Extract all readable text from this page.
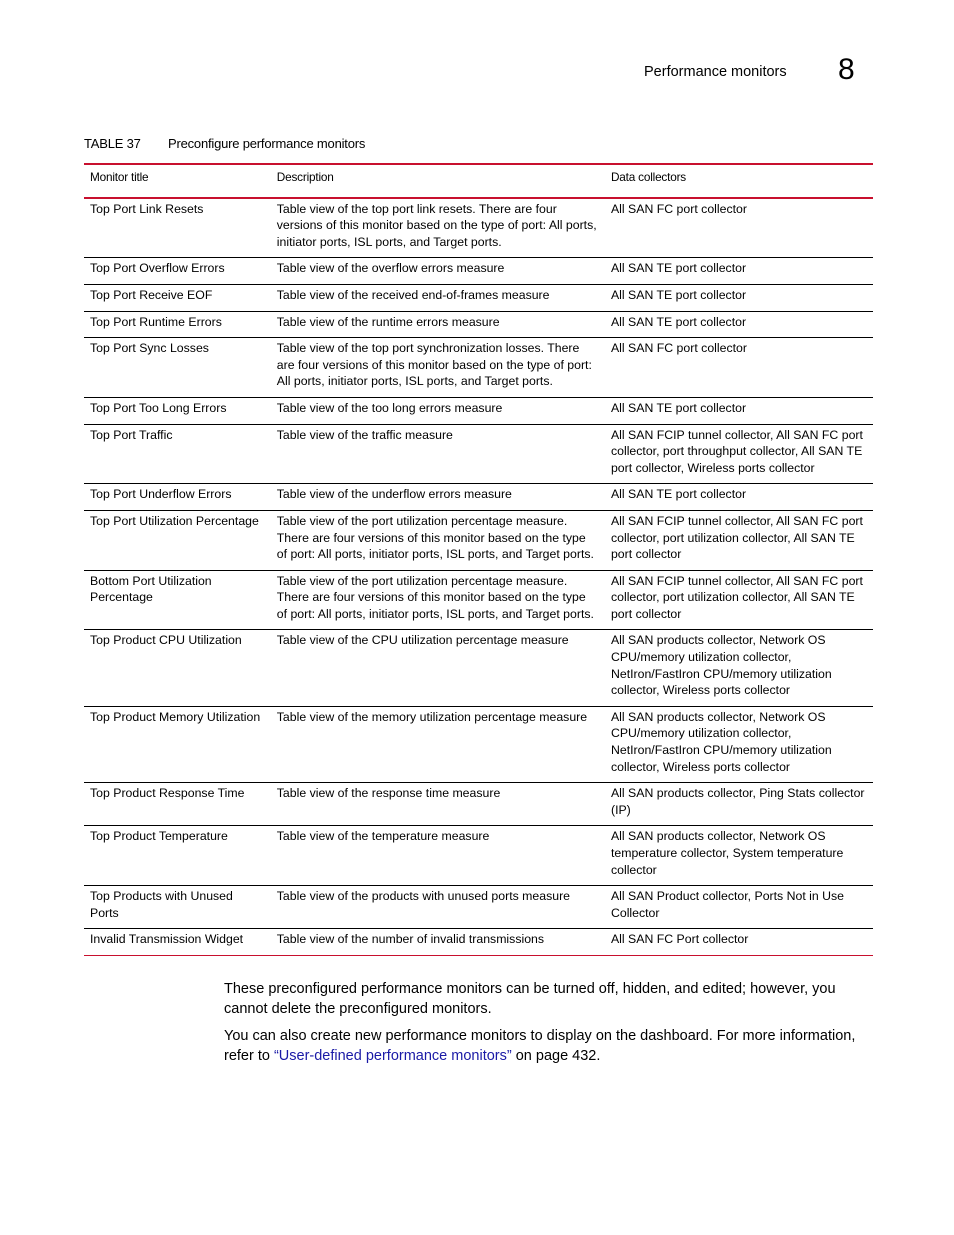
Performance monitors 8
TABLE 37 Preconfigure performance monitors
Monitor title	Description	Data collectors
Top Port Link Resets	Table view of the top port link resets. There are four versions of this monitor based on the type of port: All ports, initiator ports, ISL ports, and Target ports.	All SAN FC port collector
Top Port Overflow Errors	Table view of the overflow errors measure	All SAN TE port collector
Top Port Receive EOF	Table view of the received end-of-frames measure	All SAN TE port collector
Top Port Runtime Errors	Table view of the runtime errors measure	All SAN TE port collector
Top Port Sync Losses	Table view of the top port synchronization losses. There are four versions of this monitor based on the type of port: All ports, initiator ports, ISL ports, and Target ports.	All SAN FC port collector
Top Port Too Long Errors	Table view of the too long errors measure	All SAN TE port collector
Top Port Traffic	Table view of the traffic measure	All SAN FCIP tunnel collector, All SAN FC port collector, port throughput collector, All SAN TE port collector, Wireless ports collector
Top Port Underflow Errors	Table view of the underflow errors measure	All SAN TE port collector
Top Port Utilization Percentage	Table view of the port utilization percentage measure. There are four versions of this monitor based on the type of port: All ports, initiator ports, ISL ports, and Target ports.	All SAN FCIP tunnel collector, All SAN FC port collector, port utilization collector, All SAN TE port collector
Bottom Port Utilization Percentage	Table view of the port utilization percentage measure. There are four versions of this monitor based on the type of port: All ports, initiator ports, ISL ports, and Target ports.	All SAN FCIP tunnel collector, All SAN FC port collector, port utilization collector, All SAN TE port collector
Top Product CPU Utilization	Table view of the CPU utilization percentage measure	All SAN products collector, Network OS CPU/memory utilization collector, NetIron/FastIron CPU/memory utilization collector, Wireless ports collector
Top Product Memory Utilization	Table view of the memory utilization percentage measure	All SAN products collector, Network OS CPU/memory utilization collector, NetIron/FastIron CPU/memory utilization collector, Wireless ports collector
Top Product Response Time	Table view of the response time measure	All SAN products collector, Ping Stats collector (IP)
Top Product Temperature	Table view of the temperature measure	All SAN products collector, Network OS temperature collector, System temperature collector
Top Products with Unused Ports	Table view of the products with unused ports measure	All SAN Product collector, Ports Not in Use Collector
Invalid Transmission Widget	Table view of the number of invalid transmissions	All SAN FC Port collector
These preconfigured performance monitors can be turned off, hidden, and edited; however, you cannot delete the preconfigured monitors.
You can also create new performance monitors to display on the dashboard. For more information, refer to “User-defined performance monitors” on page 432.
